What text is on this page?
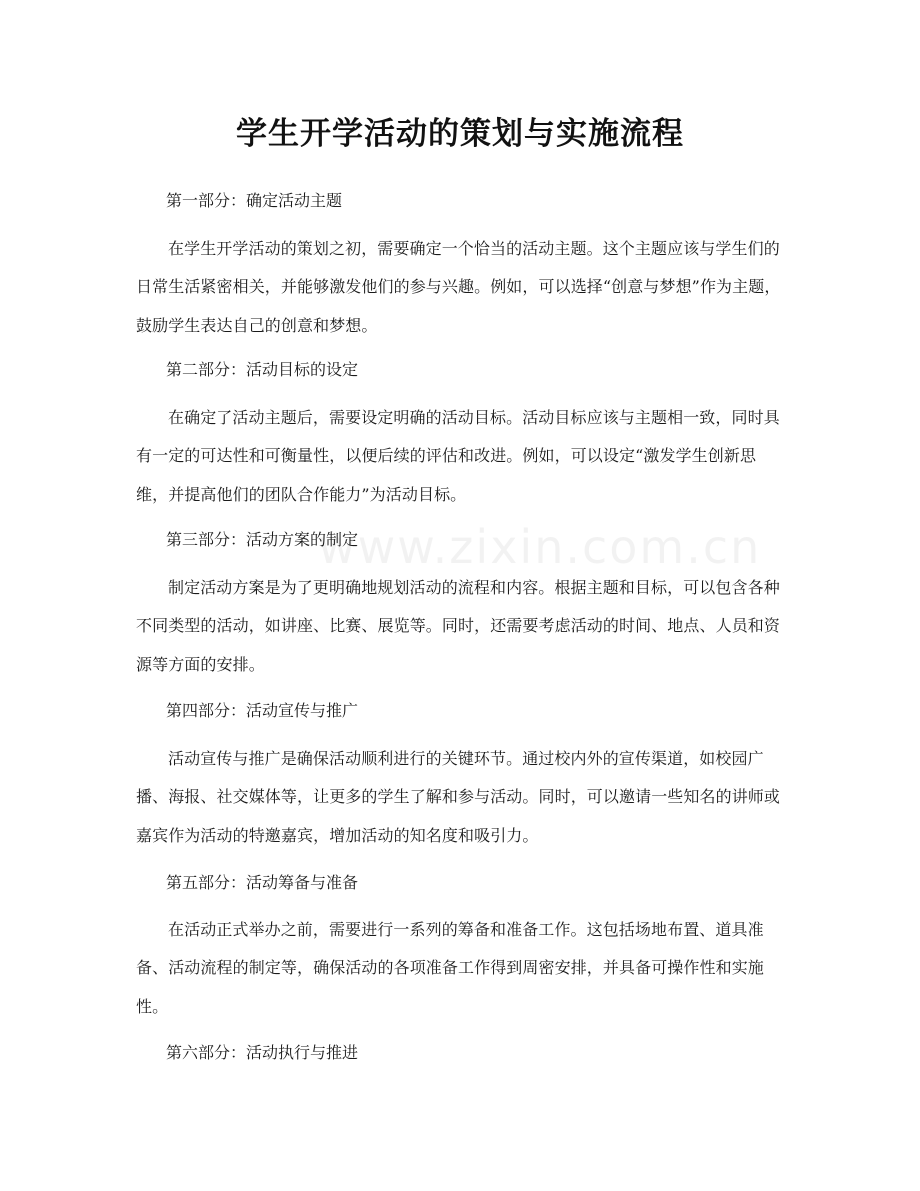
www.zixin.com.cn
学生开学活动的策划与实施流程
第一部分：确定活动主题

在学生开学活动的策划之初，需要确定一个恰当的活动主题。这个主题应该与学生们的日常生活紧密相关，并能够激发他们的参与兴趣。例如，可以选择“创意与梦想”作为主题，鼓励学生表达自己的创意和梦想。

第二部分：活动目标的设定

在确定了活动主题后，需要设定明确的活动目标。活动目标应该与主题相一致，同时具有一定的可达性和可衡量性，以便后续的评估和改进。例如，可以设定“激发学生创新思维，并提高他们的团队合作能力”为活动目标。

第三部分：活动方案的制定

制定活动方案是为了更明确地规划活动的流程和内容。根据主题和目标，可以包含各种不同类型的活动，如讲座、比赛、展览等。同时，还需要考虑活动的时间、地点、人员和资源等方面的安排。

第四部分：活动宣传与推广

活动宣传与推广是确保活动顺利进行的关键环节。通过校内外的宣传渠道，如校园广播、海报、社交媒体等，让更多的学生了解和参与活动。同时，可以邀请一些知名的讲师或嘉宾作为活动的特邀嘉宾，增加活动的知名度和吸引力。

第五部分：活动筹备与准备

在活动正式举办之前，需要进行一系列的筹备和准备工作。这包括场地布置、道具准备、活动流程的制定等，确保活动的各项准备工作得到周密安排，并具备可操作性和实施性。

第六部分：活动执行与推进
